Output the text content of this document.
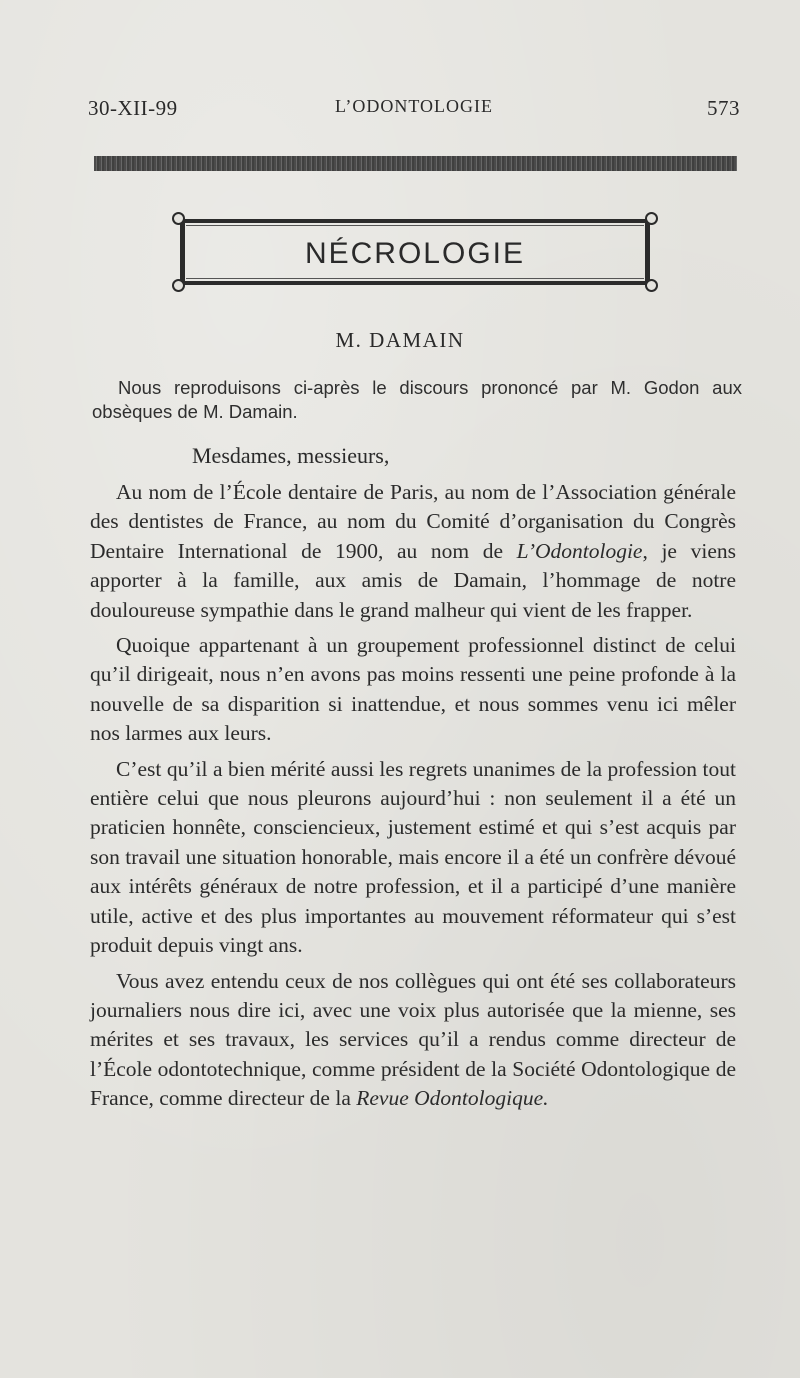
30-XII-99	L’ODONTOLOGIE	573
NÉCROLOGIE
M. DAMAIN

Nous reproduisons ci-après le discours prononcé par M. Godon aux obsèques de M. Damain.

Mesdames, messieurs,

Au nom de l’École dentaire de Paris, au nom de l’Association générale des dentistes de France, au nom du Comité d’organisation du Congrès Dentaire International de 1900, au nom de L’Odontologie, je viens apporter à la famille, aux amis de Damain, l’hommage de notre douloureuse sympathie dans le grand malheur qui vient de les frapper.

Quoique appartenant à un groupement professionnel distinct de celui qu’il dirigeait, nous n’en avons pas moins ressenti une peine profonde à la nouvelle de sa disparition si inattendue, et nous sommes venu ici mêler nos larmes aux leurs.

C’est qu’il a bien mérité aussi les regrets unanimes de la profession tout entière celui que nous pleurons aujourd’hui : non seulement il a été un praticien honnête, consciencieux, justement estimé et qui s’est acquis par son travail une situation honorable, mais encore il a été un confrère dévoué aux intérêts généraux de notre profession, et il a participé d’une manière utile, active et des plus importantes au mouvement réformateur qui s’est produit depuis vingt ans.

Vous avez entendu ceux de nos collègues qui ont été ses collaborateurs journaliers nous dire ici, avec une voix plus autorisée que la mienne, ses mérites et ses travaux, les services qu’il a rendus comme directeur de l’École odontotechnique, comme président de la Société Odontologique de France, comme directeur de la Revue Odontologique.
